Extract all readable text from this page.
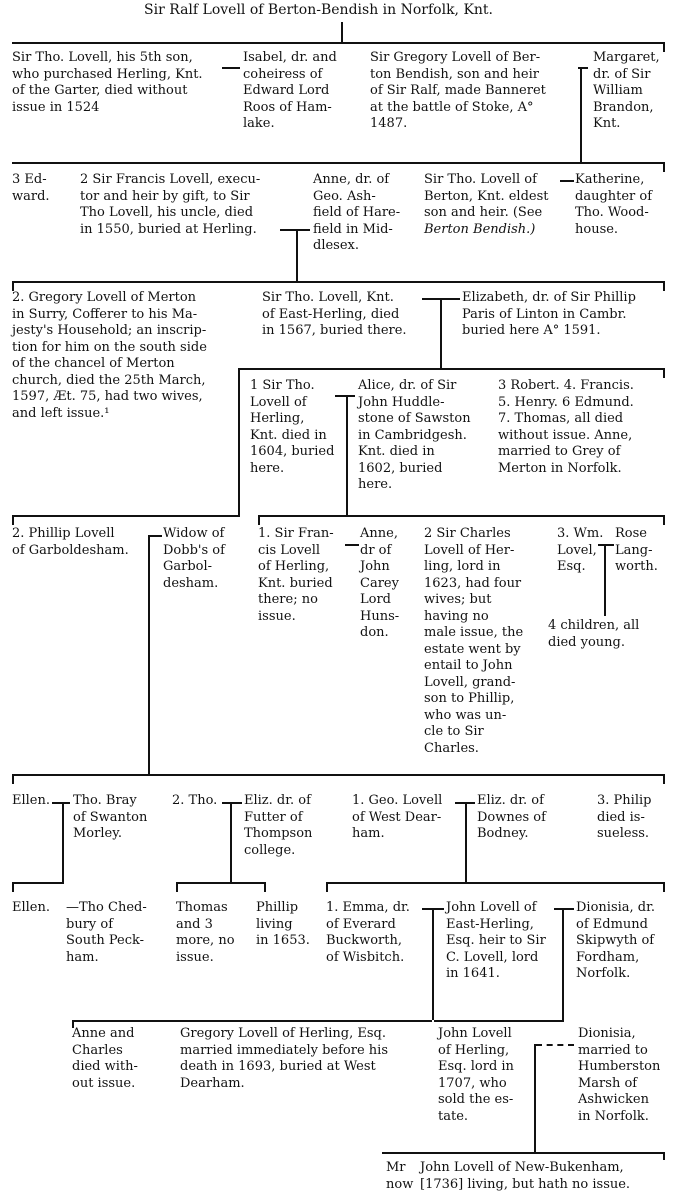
Sir Ralf Lovell of Berton-Bendish in Norfolk, Knt.
Sir Tho. Lovell, his 5th son,
who purchased Herling, Knt.
of the Garter, died without
issue in 1524
Isabel, dr. and
coheiress of
Edward Lord
Roos of Ham-
lake.
Sir Gregory Lovell of Ber-
ton Bendish, son and heir
of Sir Ralf, made Banneret
at the battle of Stoke, A°
1487.
Margaret,
dr. of Sir
William
Brandon,
Knt.
3 Ed-
ward.
2 Sir Francis Lovell, execu-
tor and heir by gift, to Sir
Tho Lovell, his uncle, died
in 1550, buried at Herling.
Anne, dr. of
Geo. Ash-
field of Hare-
field in Mid-
dlesex.
Sir Tho. Lovell of
Berton, Knt. eldest
son and heir. (See
Berton Bendish.)
Katherine,
daughter of
Tho. Wood-
house.
2. Gregory Lovell of Merton
in Surry, Cofferer to his Ma-
jesty's Household; an inscrip-
tion for him on the south side
of the chancel of Merton
church, died the 25th March,
1597, Æt. 75, had two wives,
and left issue.¹
Sir Tho. Lovell, Knt.
of East-Herling, died
in 1567, buried there.
Elizabeth, dr. of Sir Phillip
Paris of Linton in Cambr.
buried here A° 1591.
1 Sir Tho.
Lovell of
Herling,
Knt. died in
1604, buried
here.
Alice, dr. of Sir
John Huddle-
stone of Sawston
in Cambridgesh.
Knt. died in
1602, buried
here.
3 Robert. 4. Francis.
5. Henry. 6 Edmund.
7. Thomas, all died
without issue. Anne,
married to Grey of
Merton in Norfolk.
2. Phillip Lovell
of Garboldesham.
Widow of
Dobb's of
Garbol-
desham.
1. Sir Fran-
cis Lovell
of Herling,
Knt. buried
there; no
issue.
Anne,
dr of
John
Carey
Lord
Huns-
don.
2 Sir Charles
Lovell of Her-
ling, lord in
1623, had four
wives; but
having no
male issue, the
estate went by
entail to John
Lovell, grand-
son to Phillip,
who was un-
cle to Sir
Charles.
3. Wm.
Lovel,
Esq.
Rose
Lang-
worth.
4 children, all
died young.
Ellen.	Tho. Bray
of Swanton
Morley.
2. Tho.	Eliz. dr. of
Futter of
Thompson
college.
1. Geo. Lovell
of West Dear-
ham.
Eliz. dr. of
Downes of
Bodney.
3. Philip
died is-
sueless.
Ellen.	—Tho Ched-
bury of
South Peck-
ham.
Thomas
and 3
more, no
issue.
Phillip
living
in 1653.
1. Emma, dr.
of Everard
Buckworth,
of Wisbitch.
John Lovell of
East-Herling,
Esq. heir to Sir
C. Lovell, lord
in 1641.
Dionisia, dr.
of Edmund
Skipwyth of
Fordham,
Norfolk.
Anne and
Charles
died with-
out issue.
Gregory Lovell of Herling, Esq.
married immediately before his
death in 1693, buried at West
Dearham.
John Lovell
of Herling,
Esq. lord in
1707, who
sold the es-
tate.
Dionisia,
married to
Humberston
Marsh of
Ashwicken
in Norfolk.
Mr
now
John Lovell of New-Bukenham,
[1736] living, but hath no issue.
